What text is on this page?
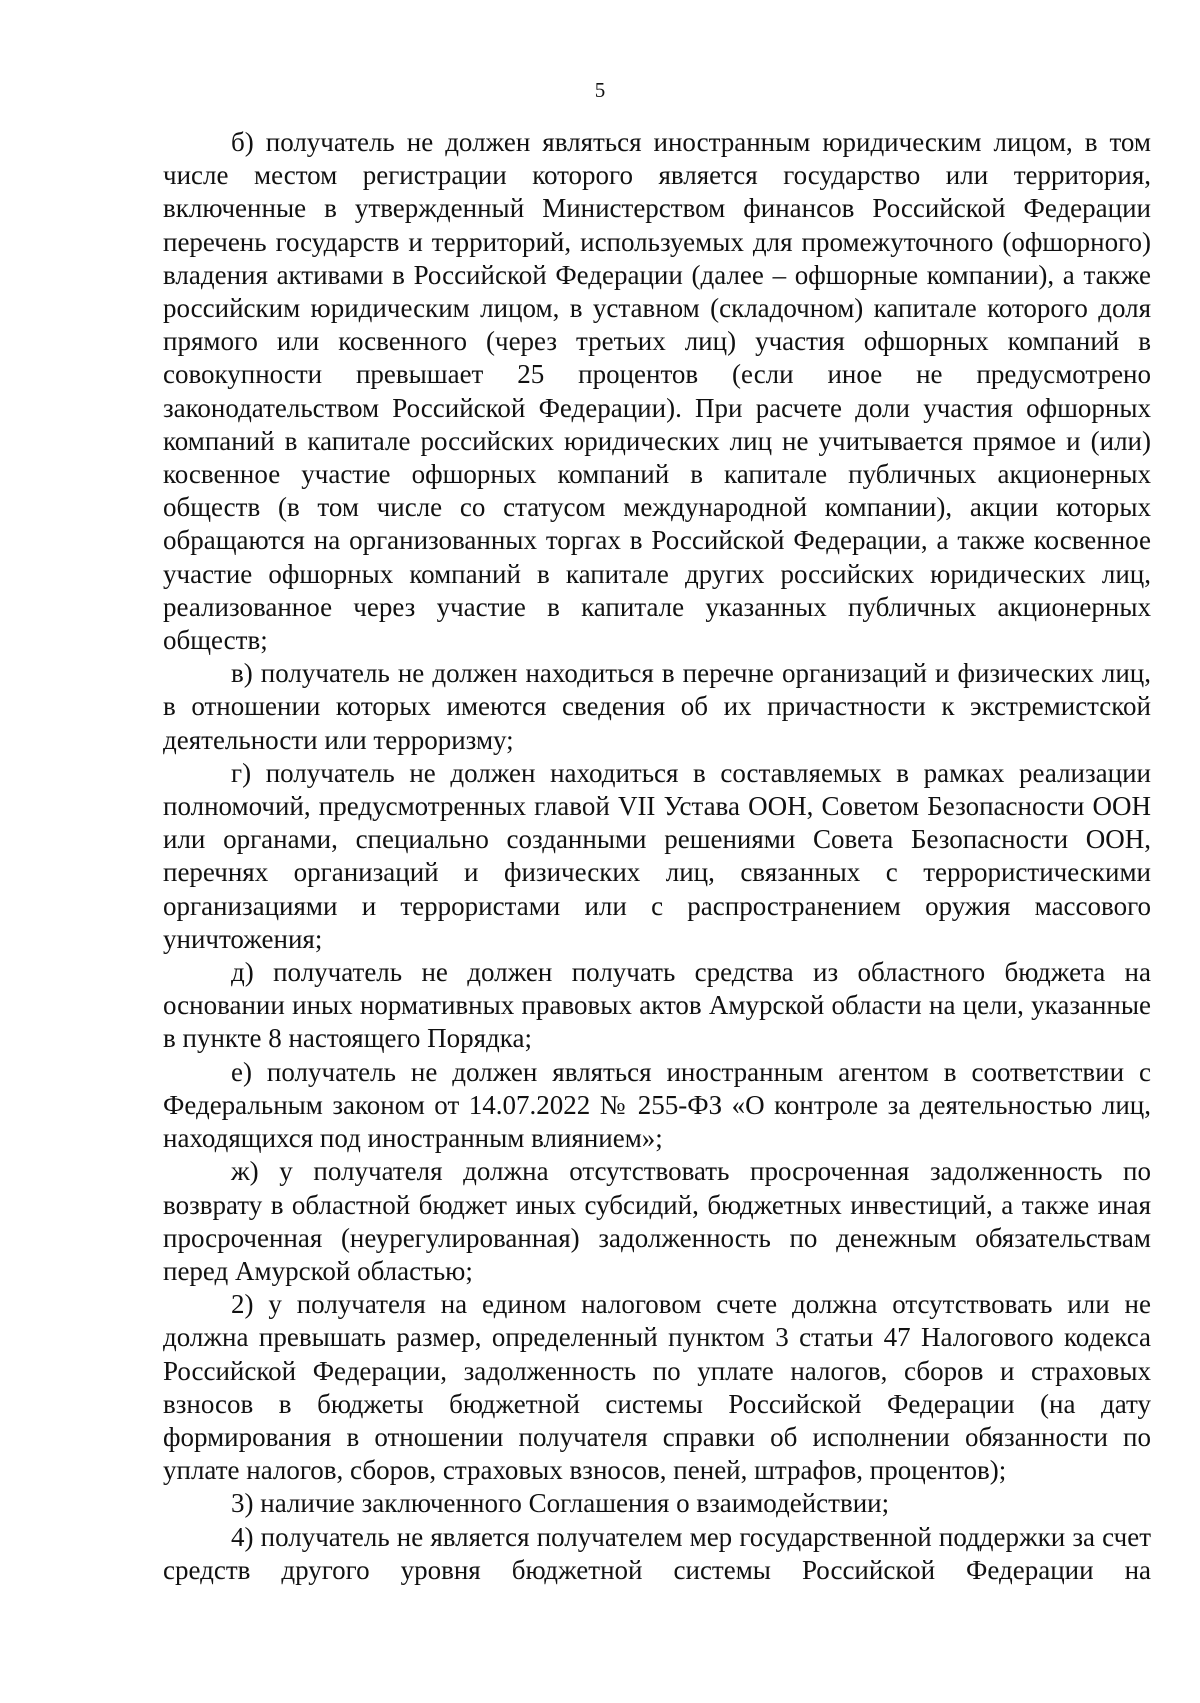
5

б) получатель не должен являться иностранным юридическим лицом, в том числе местом регистрации которого является государство или территория, включенные в утвержденный Министерством финансов Российской Федерации перечень государств и территорий, используемых для промежуточного (офшорного) владения активами в Российской Федерации (далее – офшорные компании), а также российским юридическим лицом, в уставном (складочном) капитале которого доля прямого или косвенного (через третьих лиц) участия офшорных компаний в совокупности превышает 25 процентов (если иное не предусмотрено законодательством Российской Федерации). При расчете доли участия офшорных компаний в капитале российских юридических лиц не учитывается прямое и (или) косвенное участие офшорных компаний в капитале публичных акционерных обществ (в том числе со статусом международной компании), акции которых обращаются на организованных торгах в Российской Федерации, а также косвенное участие офшорных компаний в капитале других российских юридических лиц, реализованное через участие в капитале указанных публичных акционерных обществ;

в) получатель не должен находиться в перечне организаций и физических лиц, в отношении которых имеются сведения об их причастности к экстремистской деятельности или терроризму;

г) получатель не должен находиться в составляемых в рамках реализации полномочий, предусмотренных главой VII Устава ООН, Советом Безопасности ООН или органами, специально созданными решениями Совета Безопасности ООН, перечнях организаций и физических лиц, связанных с террористическими организациями и террористами или с распространением оружия массового уничтожения;

д) получатель не должен получать средства из областного бюджета на основании иных нормативных правовых актов Амурской области на цели, указанные в пункте 8 настоящего Порядка;

е) получатель не должен являться иностранным агентом в соответствии с Федеральным законом от 14.07.2022 № 255-ФЗ «О контроле за деятельностью лиц, находящихся под иностранным влиянием»;

ж) у получателя должна отсутствовать просроченная задолженность по возврату в областной бюджет иных субсидий, бюджетных инвестиций, а также иная просроченная (неурегулированная) задолженность по денежным обязательствам перед Амурской областью;

2) у получателя на едином налоговом счете должна отсутствовать или не должна превышать размер, определенный пунктом 3 статьи 47 Налогового кодекса Российской Федерации, задолженность по уплате налогов, сборов и страховых взносов в бюджеты бюджетной системы Российской Федерации (на дату формирования в отношении получателя справки об исполнении обязанности по уплате налогов, сборов, страховых взносов, пеней, штрафов, процентов);

3) наличие заключенного Соглашения о взаимодействии;

4) получатель не является получателем мер государственной поддержки за счет средств другого уровня бюджетной системы Российской Федерации на
